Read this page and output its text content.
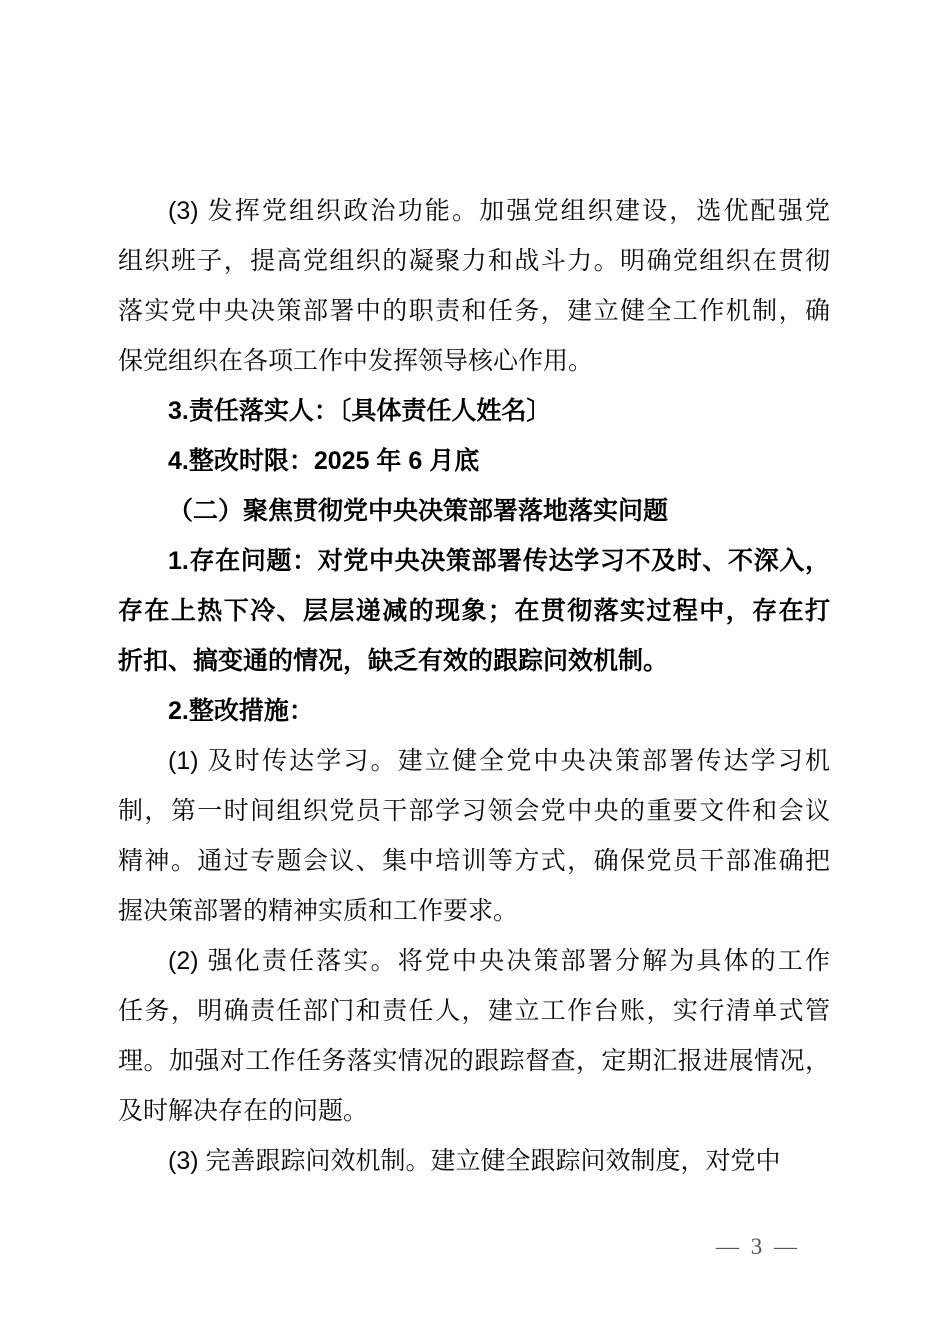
(3) 发挥党组织政治功能。加强党组织建设，选优配强党
组织班子，提高党组织的凝聚力和战斗力。明确党组织在贯彻
落实党中央决策部署中的职责和任务，建立健全工作机制，确
保党组织在各项工作中发挥领导核心作用。
3.责任落实人：〔具体责任人姓名〕
4.整改时限：2025 年 6 月底
（二）聚焦贯彻党中央决策部署落地落实问题
1.存在问题：对党中央决策部署传达学习不及时、不深入，
存在上热下冷、层层递减的现象；在贯彻落实过程中，存在打
折扣、搞变通的情况，缺乏有效的跟踪问效机制。
2.整改措施：
(1) 及时传达学习。建立健全党中央决策部署传达学习机
制，第一时间组织党员干部学习领会党中央的重要文件和会议
精神。通过专题会议、集中培训等方式，确保党员干部准确把
握决策部署的精神实质和工作要求。
(2) 强化责任落实。将党中央决策部署分解为具体的工作
任务，明确责任部门和责任人，建立工作台账，实行清单式管
理。加强对工作任务落实情况的跟踪督查，定期汇报进展情况，
及时解决存在的问题。
(3) 完善跟踪问效机制。建立健全跟踪问效制度，对党中
— 3 —
